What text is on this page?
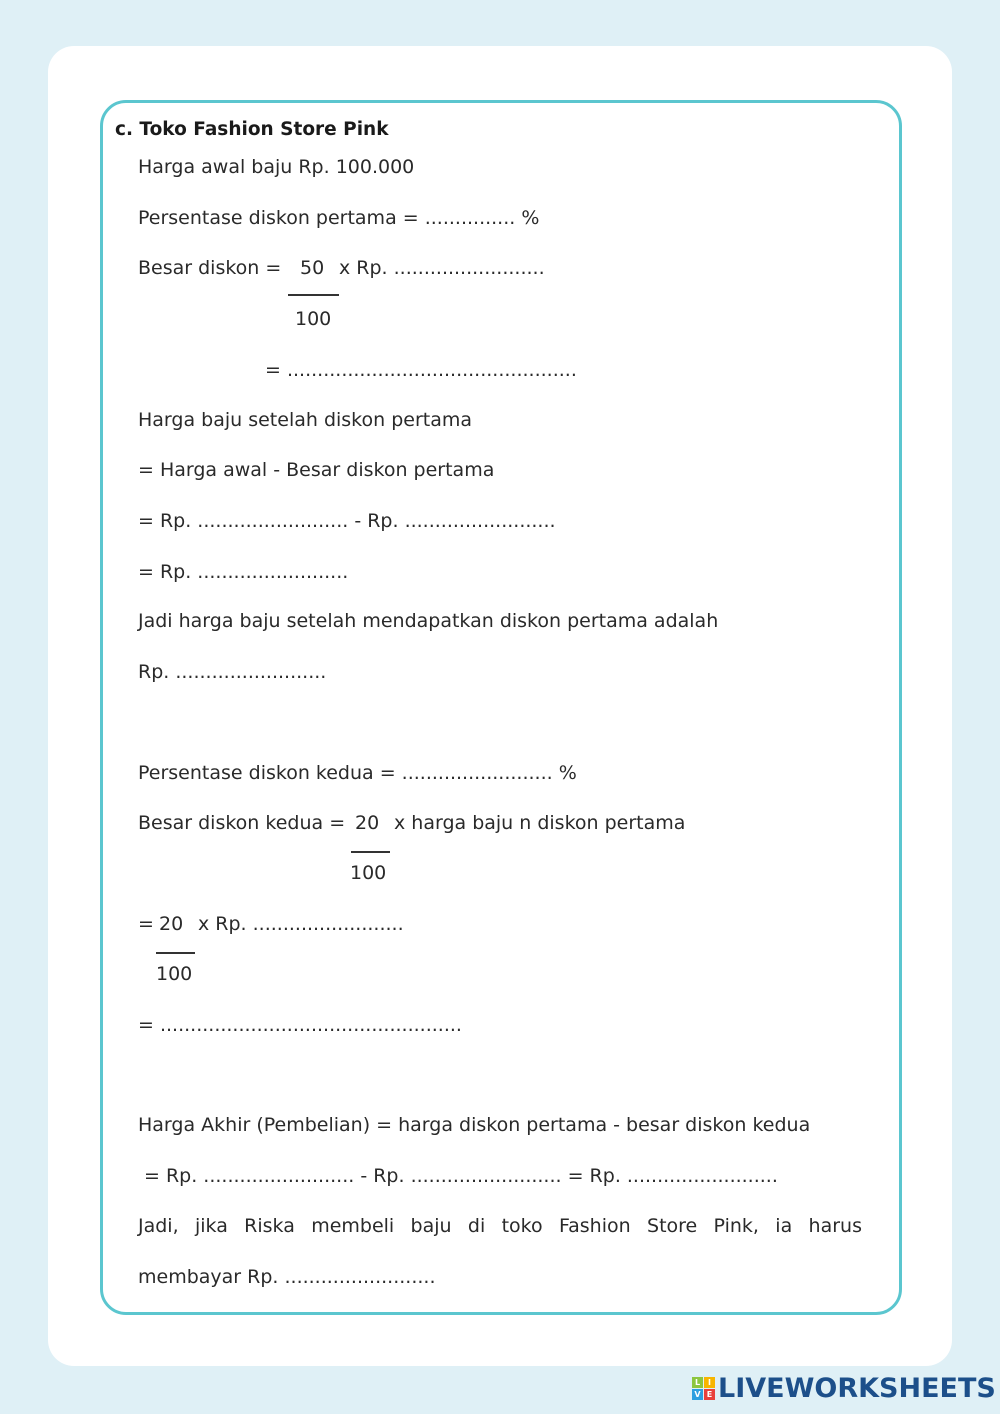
c. Toko Fashion Store Pink
Harga awal baju Rp. 100.000
Persentase diskon pertama = ............... %
Besar diskon = 50 x Rp. .........................
100
= ................................................
Harga baju setelah diskon pertama
= Harga awal - Besar diskon pertama
= Rp. ......................... - Rp. .........................
= Rp. .........................
Jadi harga baju setelah mendapatkan diskon pertama adalah
Rp. .........................
Persentase diskon kedua = ......................... %
Besar diskon kedua = 20 x harga baju n diskon pertama
100
= 20 x Rp. .........................
100
= ..................................................
Harga Akhir (Pembelian) = harga diskon pertama - besar diskon kedua
= Rp. ......................... - Rp. ......................... = Rp. .........................
Jadi, jika Riska membeli baju di toko Fashion Store Pink, ia harus
membayar Rp. .........................
L I
V E LIVEWORKSHEETS
